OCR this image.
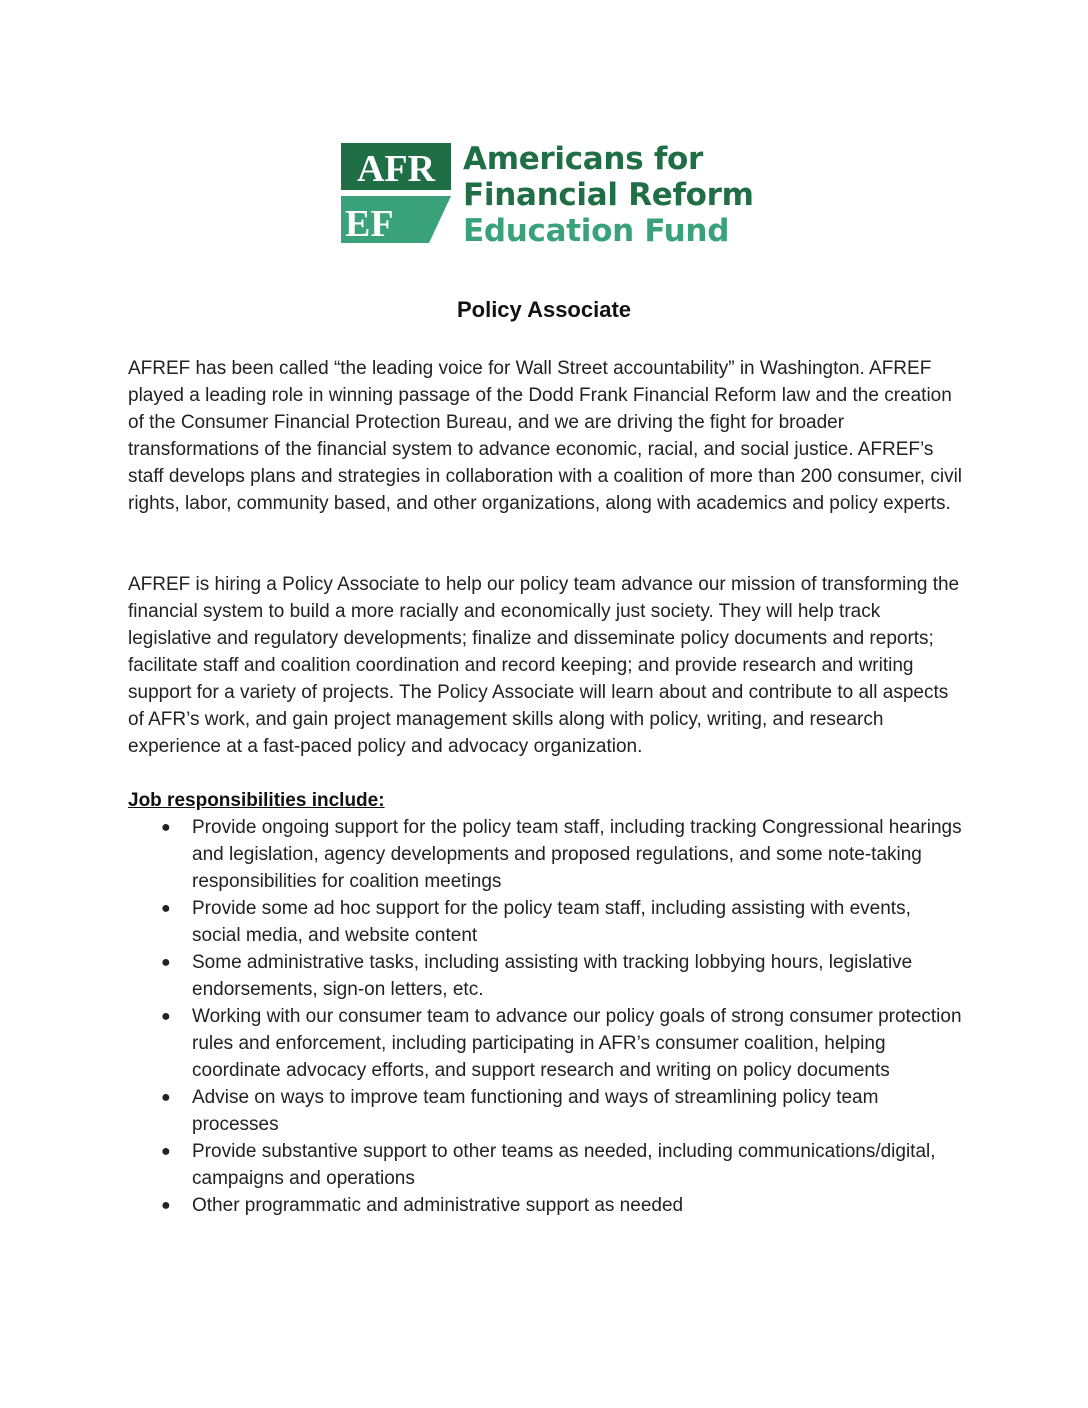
AFR
EF
Americans for
Financial Reform
Education Fund
Policy Associate
AFREF has been called “the leading voice for Wall Street accountability” in Washington. AFREF played a leading role in winning passage of the Dodd Frank Financial Reform law and the creation of the Consumer Financial Protection Bureau, and we are driving the fight for broader transformations of the financial system to advance economic, racial, and social justice. AFREF’s staff develops plans and strategies in collaboration with a coalition of more than 200 consumer, civil rights, labor, community based, and other organizations, along with academics and policy experts.
AFREF is hiring a Policy Associate to help our policy team advance our mission of transforming the financial system to build a more racially and economically just society. They will help track legislative and regulatory developments; finalize and disseminate policy documents and reports; facilitate staff and coalition coordination and record keeping; and provide research and writing support for a variety of projects. The Policy Associate will learn about and contribute to all aspects of AFR’s work, and gain project management skills along with policy, writing, and research experience at a fast-paced policy and advocacy organization.
Job responsibilities include:
● Provide ongoing support for the policy team staff, including tracking Congressional hearings and legislation, agency developments and proposed regulations, and some note-taking responsibilities for coalition meetings
● Provide some ad hoc support for the policy team staff, including assisting with events, social media, and website content
● Some administrative tasks, including assisting with tracking lobbying hours, legislative endorsements, sign-on letters, etc.
● Working with our consumer team to advance our policy goals of strong consumer protection rules and enforcement, including participating in AFR’s consumer coalition, helping coordinate advocacy efforts, and support research and writing on policy documents
● Advise on ways to improve team functioning and ways of streamlining policy team processes
● Provide substantive support to other teams as needed, including communications/digital, campaigns and operations
● Other programmatic and administrative support as needed
